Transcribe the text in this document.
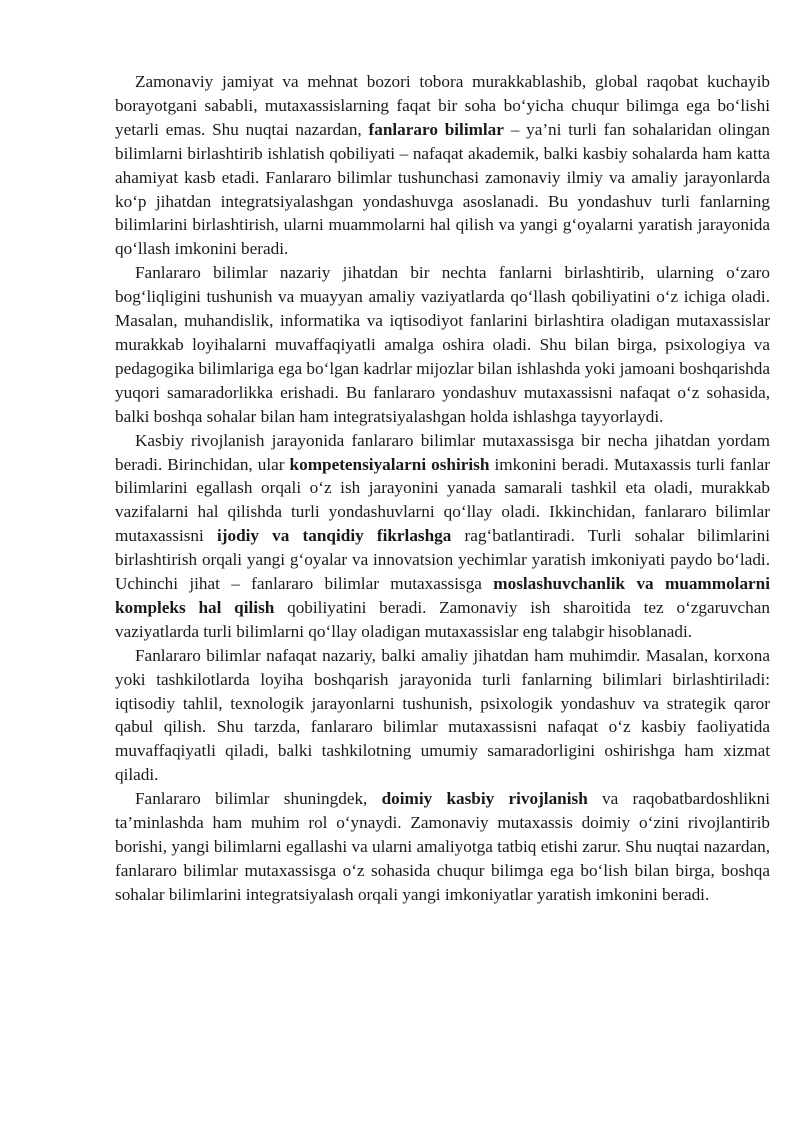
Zamonaviy jamiyat va mehnat bozori tobora murakkablashib, global raqobat kuchayib borayotgani sababli, mutaxassislarning faqat bir soha bo‘yicha chuqur bilimga ega bo‘lishi yetarli emas. Shu nuqtai nazardan, fanlararo bilimlar – ya’ni turli fan sohalaridan olingan bilimlarni birlashtirib ishlatish qobiliyati – nafaqat akademik, balki kasbiy sohalarda ham katta ahamiyat kasb etadi. Fanlararo bilimlar tushunchasi zamonaviy ilmiy va amaliy jarayonlarda ko‘p jihatdan integratsiyalashgan yondashuvga asoslanadi. Bu yondashuv turli fanlarning bilimlarini birlashtirish, ularni muammolarni hal qilish va yangi g‘oyalarni yaratish jarayonida qo‘llash imkonini beradi.

Fanlararo bilimlar nazariy jihatdan bir nechta fanlarni birlashtirib, ularning o‘zaro bog‘liqligini tushunish va muayyan amaliy vaziyatlarda qo‘llash qobiliyatini o‘z ichiga oladi. Masalan, muhandislik, informatika va iqtisodiyot fanlarini birlashtira oladigan mutaxassislar murakkab loyihalarni muvaffaqiyatli amalga oshira oladi. Shu bilan birga, psixologiya va pedagogika bilimlariga ega bo‘lgan kadrlar mijozlar bilan ishlashda yoki jamoani boshqarishda yuqori samaradorlikka erishadi. Bu fanlararo yondashuv mutaxassisni nafaqat o‘z sohasida, balki boshqa sohalar bilan ham integratsiyalashgan holda ishlashga tayyorlaydi.

Kasbiy rivojlanish jarayonida fanlararo bilimlar mutaxassisga bir necha jihatdan yordam beradi. Birinchidan, ular kompetensiyalarni oshirish imkonini beradi. Mutaxassis turli fanlar bilimlarini egallash orqali o‘z ish jarayonini yanada samarali tashkil eta oladi, murakkab vazifalarni hal qilishda turli yondashuvlarni qo‘llay oladi. Ikkinchidan, fanlararo bilimlar mutaxassisni ijodiy va tanqidiy fikrlashga rag‘batlantiradi. Turli sohalar bilimlarini birlashtirish orqali yangi g‘oyalar va innovatsion yechimlar yaratish imkoniyati paydo bo‘ladi. Uchinchi jihat – fanlararo bilimlar mutaxassisga moslashuvchanlik va muammolarni kompleks hal qilish qobiliyatini beradi. Zamonaviy ish sharoitida tez o‘zgaruvchan vaziyatlarda turli bilimlarni qo‘llay oladigan mutaxassislar eng talabgir hisoblanadi.

Fanlararo bilimlar nafaqat nazariy, balki amaliy jihatdan ham muhimdir. Masalan, korxona yoki tashkilotlarda loyiha boshqarish jarayonida turli fanlarning bilimlari birlashtiriladi: iqtisodiy tahlil, texnologik jarayonlarni tushunish, psixologik yondashuv va strategik qaror qabul qilish. Shu tarzda, fanlararo bilimlar mutaxassisni nafaqat o‘z kasbiy faoliyatida muvaffaqiyatli qiladi, balki tashkilotning umumiy samaradorligini oshirishga ham xizmat qiladi.

Fanlararo bilimlar shuningdek, doimiy kasbiy rivojlanish va raqobatbardoshlikni ta’minlashda ham muhim rol o‘ynaydi. Zamonaviy mutaxassis doimiy o‘zini rivojlantirib borishi, yangi bilimlarni egallashi va ularni amaliyotga tatbiq etishi zarur. Shu nuqtai nazardan, fanlararo bilimlar mutaxassisga o‘z sohasida chuqur bilimga ega bo‘lish bilan birga, boshqa sohalar bilimlarini integratsiyalash orqali yangi imkoniyatlar yaratish imkonini beradi.
